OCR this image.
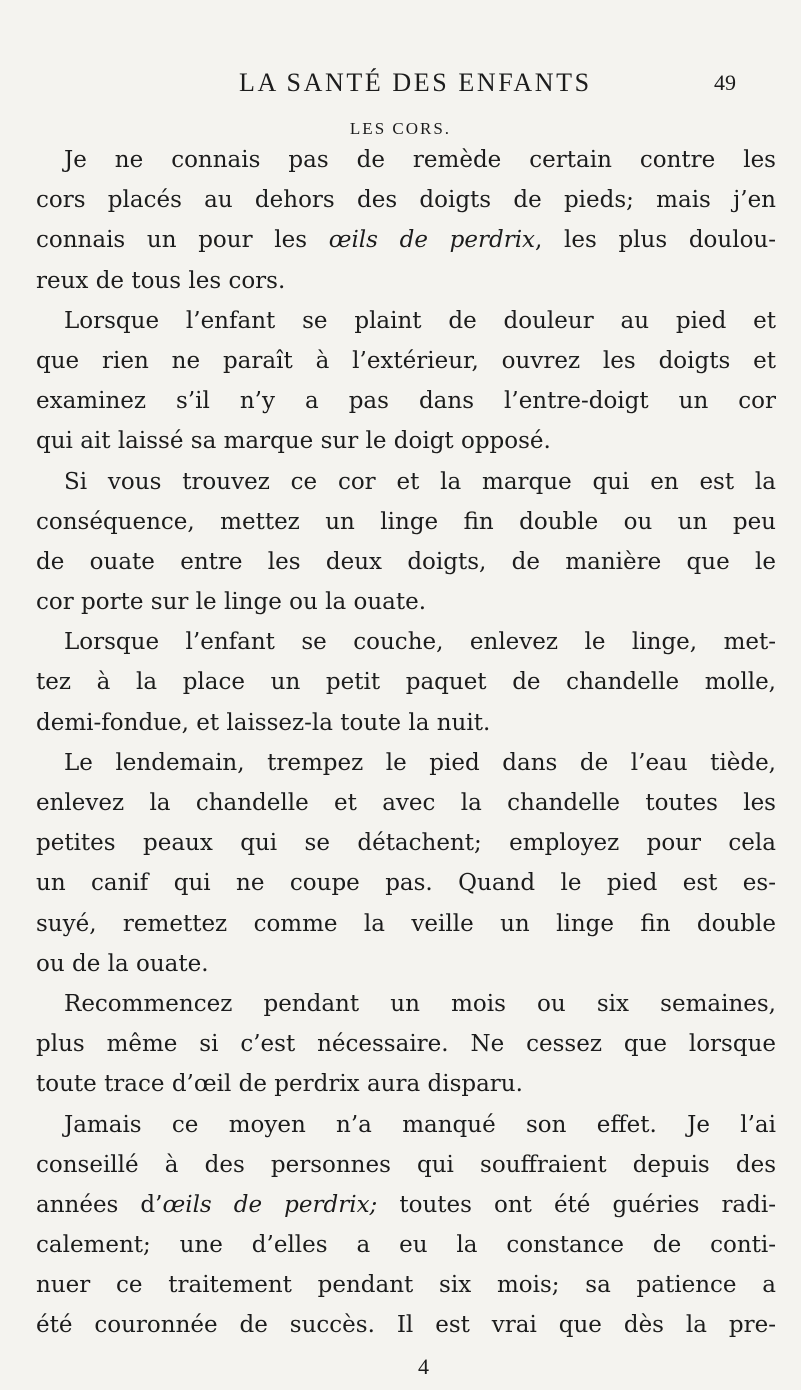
LA SANTÉ DES ENFANTS	49
LES CORS.
Je ne connais pas de remède certain contre les
cors placés au dehors des doigts de pieds; mais j’en
connais un pour les œils de perdrix, les plus doulou-
reux de tous les cors.
Lorsque l’enfant se plaint de douleur au pied et
que rien ne paraît à l’extérieur, ouvrez les doigts et
examinez s’il n’y a pas dans l’entre-doigt un cor
qui ait laissé sa marque sur le doigt opposé.
Si vous trouvez ce cor et la marque qui en est la
conséquence, mettez un linge fin double ou un peu
de ouate entre les deux doigts, de manière que le
cor porte sur le linge ou la ouate.
Lorsque l’enfant se couche, enlevez le linge, met-
tez à la place un petit paquet de chandelle molle,
demi-fondue, et laissez-la toute la nuit.
Le lendemain, trempez le pied dans de l’eau tiède,
enlevez la chandelle et avec la chandelle toutes les
petites peaux qui se détachent; employez pour cela
un canif qui ne coupe pas. Quand le pied est es-
suyé, remettez comme la veille un linge fin double
ou de la ouate.
Recommencez pendant un mois ou six semaines,
plus même si c’est nécessaire. Ne cessez que lorsque
toute trace d’œil de perdrix aura disparu.
Jamais ce moyen n’a manqué son effet. Je l’ai
conseillé à des personnes qui souffraient depuis des
années d’œils de perdrix; toutes ont été guéries radi-
calement; une d’elles a eu la constance de conti-
nuer ce traitement pendant six mois; sa patience a
été couronnée de succès. Il est vrai que dès la pre-
4
